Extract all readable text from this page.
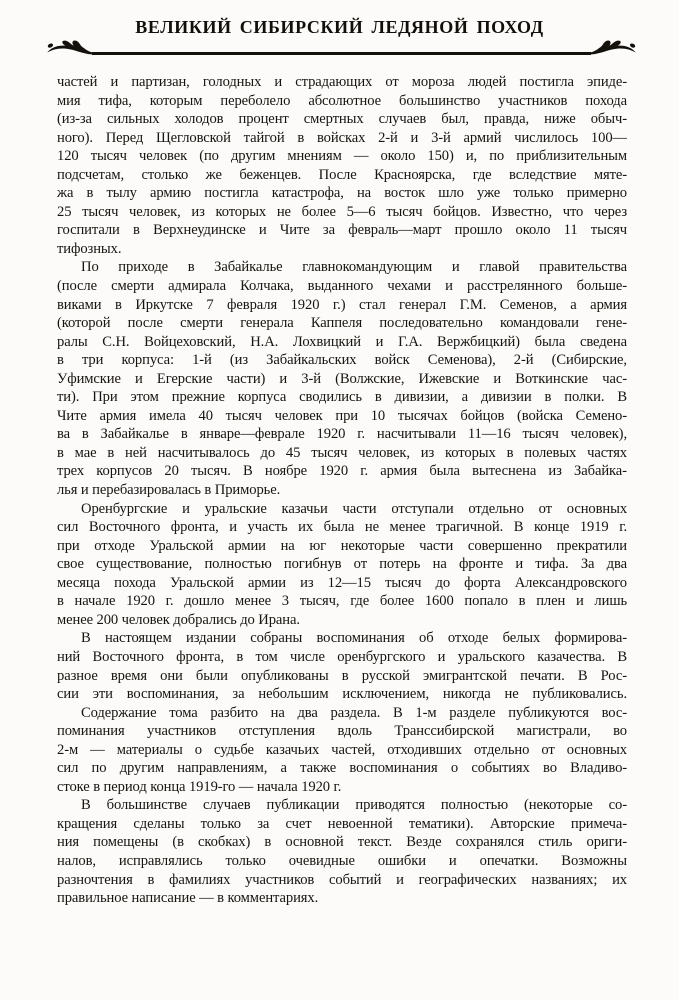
ВЕЛИКИЙ СИБИРСКИЙ ЛЕДЯНОЙ ПОХОД
частей и партизан, голодных и страдающих от мороза людей постигла эпиде-
мия тифа, которым переболело абсолютное большинство участников похода
(из-за сильных холодов процент смертных случаев был, правда, ниже обыч-
ного). Перед Щегловской тайгой в войсках 2-й и 3-й армий числилось 100—
120 тысяч человек (по другим мнениям — около 150) и, по приблизительным
подсчетам, столько же беженцев. После Красноярска, где вследствие мяте-
жа в тылу армию постигла катастрофа, на восток шло уже только примерно
25 тысяч человек, из которых не более 5—6 тысяч бойцов. Известно, что через
госпитали в Верхнеудинске и Чите за февраль—март прошло около 11 тысяч
тифозных.
По приходе в Забайкалье главнокомандующим и главой правительства
(после смерти адмирала Колчака, выданного чехами и расстрелянного больше-
виками в Иркутске 7 февраля 1920 г.) стал генерал Г.М. Семенов, а армия
(которой после смерти генерала Каппеля последовательно командовали гене-
ралы С.Н. Войцеховский, Н.А. Лохвицкий и Г.А. Вержбицкий) была сведена
в три корпуса: 1-й (из Забайкальских войск Семенова), 2-й (Сибирские,
Уфимские и Егерские части) и 3-й (Волжские, Ижевские и Воткинские час-
ти). При этом прежние корпуса сводились в дивизии, а дивизии в полки. В
Чите армия имела 40 тысяч человек при 10 тысячах бойцов (войска Семено-
ва в Забайкалье в январе—феврале 1920 г. насчитывали 11—16 тысяч человек),
в мае в ней насчитывалось до 45 тысяч человек, из которых в полевых частях
трех корпусов 20 тысяч. В ноябре 1920 г. армия была вытеснена из Забайка-
лья и перебазировалась в Приморье.
Оренбургские и уральские казачьи части отступали отдельно от основных
сил Восточного фронта, и участь их была не менее трагичной. В конце 1919 г.
при отходе Уральской армии на юг некоторые части совершенно прекратили
свое существование, полностью погибнув от потерь на фронте и тифа. За два
месяца похода Уральской армии из 12—15 тысяч до форта Александровского
в начале 1920 г. дошло менее 3 тысяч, где более 1600 попало в плен и лишь
менее 200 человек добрались до Ирана.
В настоящем издании собраны воспоминания об отходе белых формирова-
ний Восточного фронта, в том числе оренбургского и уральского казачества. В
разное время они были опубликованы в русской эмигрантской печати. В Рос-
сии эти воспоминания, за небольшим исключением, никогда не публиковались.
Содержание тома разбито на два раздела. В 1-м разделе публикуются вос-
поминания участников отступления вдоль Транссибирской магистрали, во
2-м — материалы о судьбе казачьих частей, отходивших отдельно от основных
сил по другим направлениям, а также воспоминания о событиях во Владиво-
стоке в период конца 1919-го — начала 1920 г.
В большинстве случаев публикации приводятся полностью (некоторые со-
кращения сделаны только за счет невоенной тематики). Авторские примеча-
ния помещены (в скобках) в основной текст. Везде сохранялся стиль ориги-
налов, исправлялись только очевидные ошибки и опечатки. Возможны
разночтения в фамилиях участников событий и географических названиях; их
правильное написание — в комментариях.
